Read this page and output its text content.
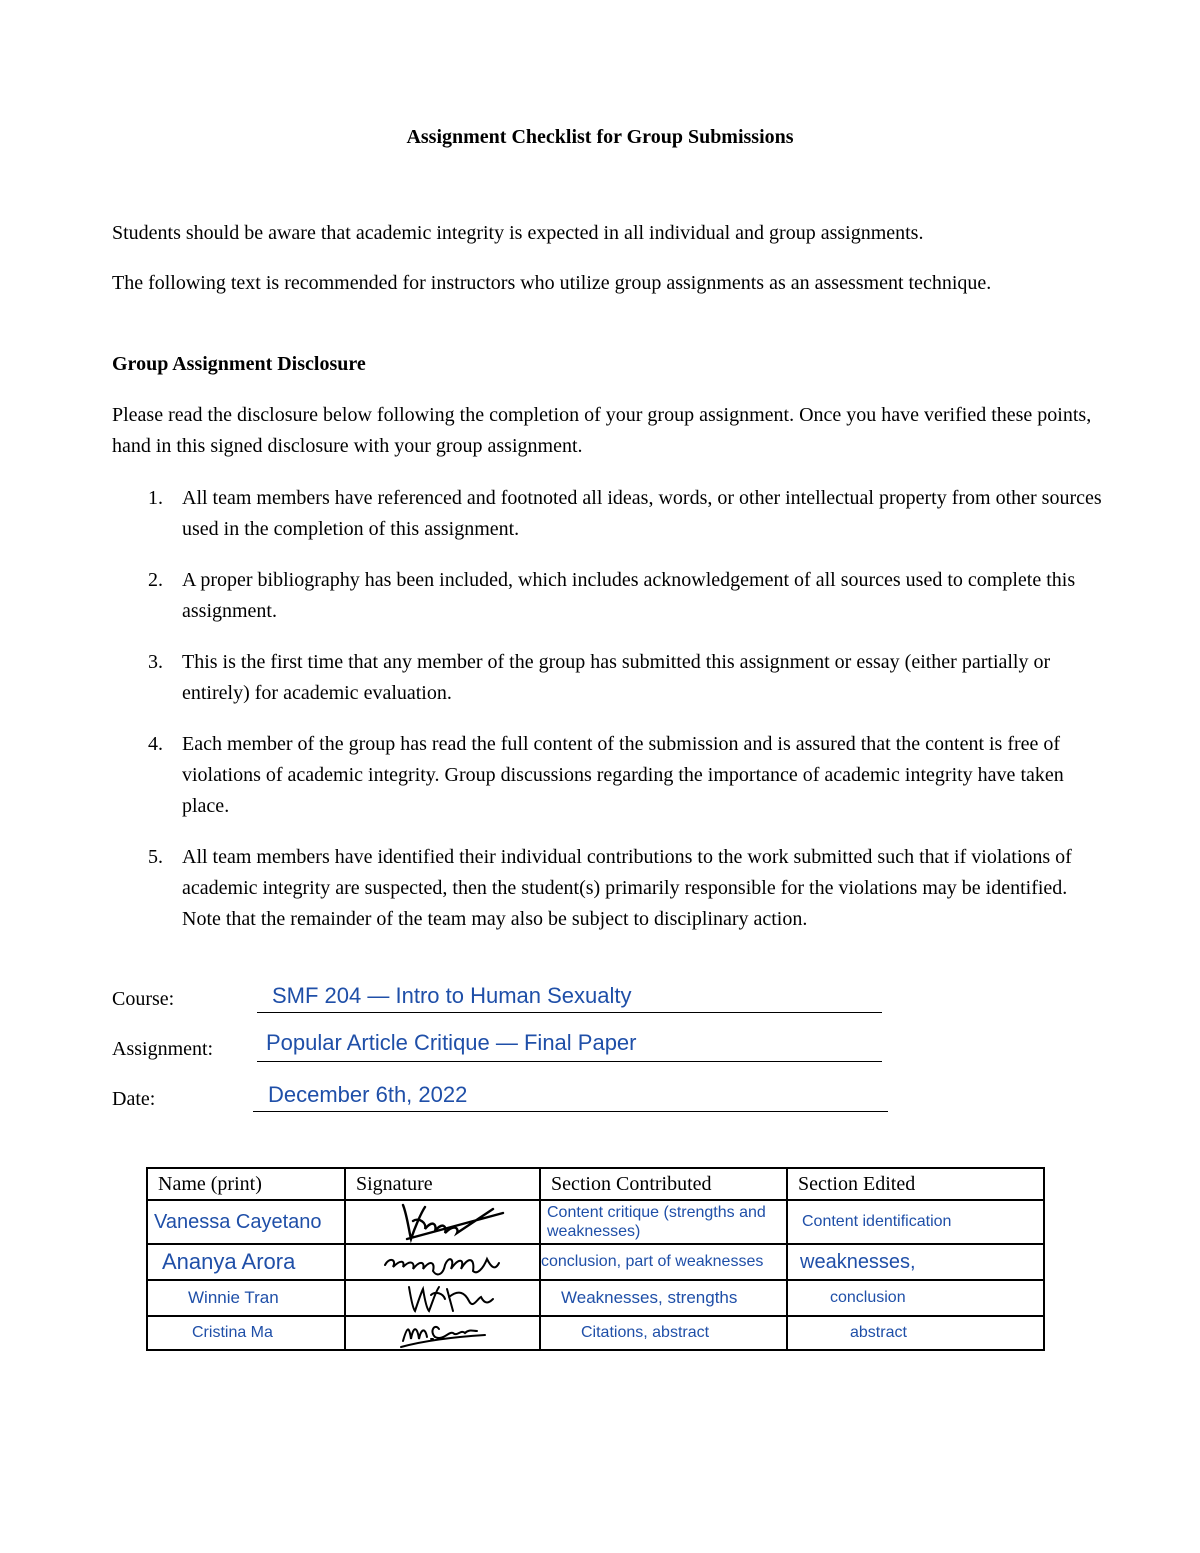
Assignment Checklist for Group Submissions
Students should be aware that academic integrity is expected in all individual and group assignments.
The following text is recommended for instructors who utilize group assignments as an assessment technique.
Group Assignment Disclosure
Please read the disclosure below following the completion of your group assignment. Once you have verified these points, hand in this signed disclosure with your group assignment.
1. All team members have referenced and footnoted all ideas, words, or other intellectual property from other sources used in the completion of this assignment.
2. A proper bibliography has been included, which includes acknowledgement of all sources used to complete this assignment.
3. This is the first time that any member of the group has submitted this assignment or essay (either partially or entirely) for academic evaluation.
4. Each member of the group has read the full content of the submission and is assured that the content is free of violations of academic integrity. Group discussions regarding the importance of academic integrity have taken place.
5. All team members have identified their individual contributions to the work submitted such that if violations of academic integrity are suspected, then the student(s) primarily responsible for the violations may be identified. Note that the remainder of the team may also be subject to disciplinary action.
Course:	SMF 204 — Intro to Human Sexualty
Assignment: Popular Article Critique — Final Paper
Date:	December 6th, 2022
Name (print)	Signature	Section Contributed	Section Edited
Vanessa Cayetano		Content critique (strengths and weaknesses)	Content identification
Ananya Arora		conclusion, part of weaknesses	weaknesses,
Winnie Tran		Weaknesses, strengths	conclusion
Cristina Ma		Citations, abstract	abstract
